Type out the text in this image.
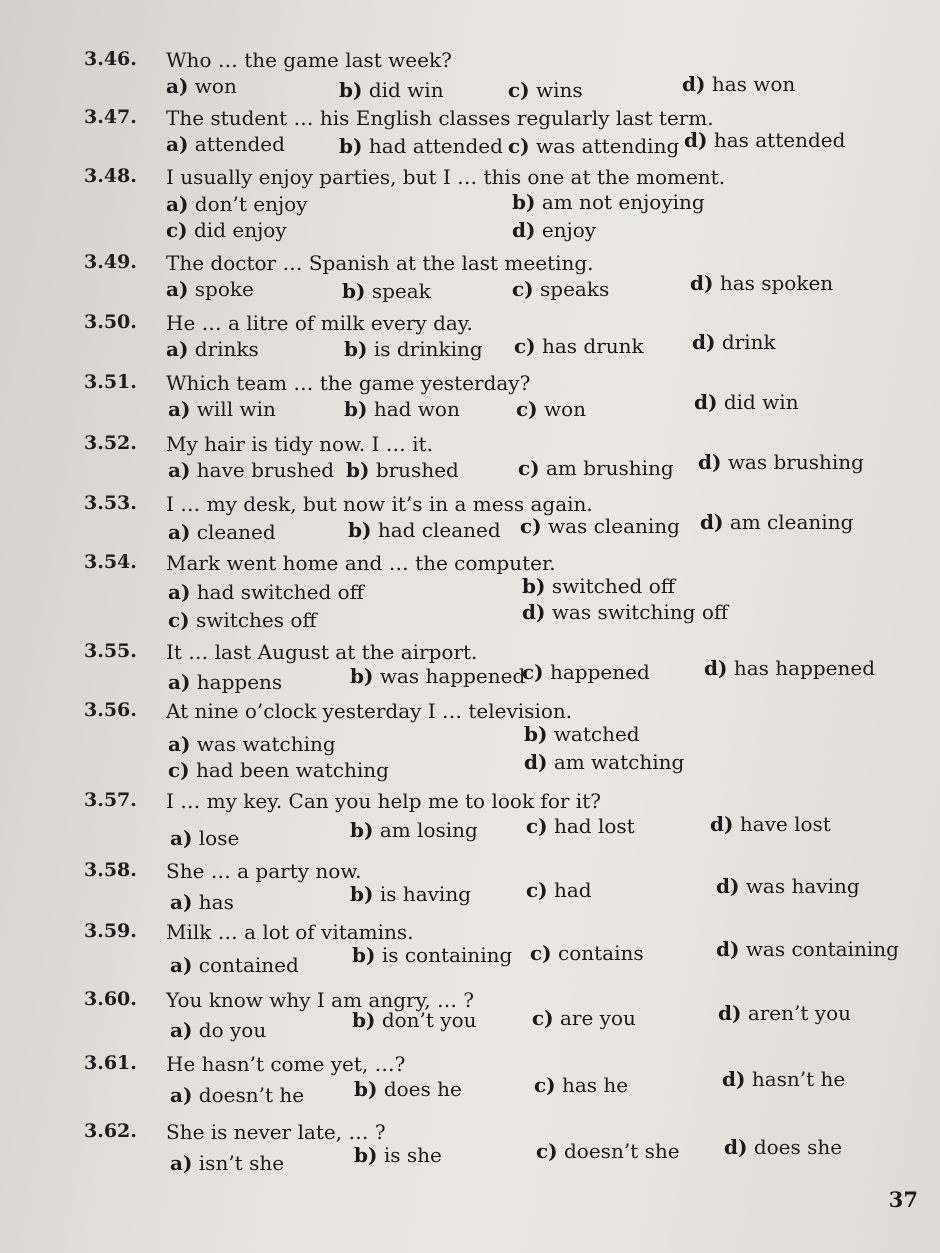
37
3.46. Who … the game last week?
a) won	b) did win	c) wins	d) has won
3.47. The student … his English classes regularly last term.
a) attended	b) had attended c) was attending d) has attended
3.48. I usually enjoy parties, but I … this one at the moment.
a) don’t enjoy	b) am not enjoying
c) did enjoy	d) enjoy
3.49. The doctor … Spanish at the last meeting.
a) spoke	b) speak	c) speaks	d) has spoken
3.50. He … a litre of milk every day.
a) drinks	b) is drinking c) has drunk d) drink
3.51. Which team … the game yesterday?
a) will win	b) had won	c) won	d) did win
3.52. My hair is tidy now. I … it.
a) have brushed b) brushed	c) am brushing d) was brushing
3.53. I … my desk, but now it’s in a mess again.
a) cleaned	b) had cleaned c) was cleaning d) am cleaning
3.54. Mark went home and … the computer.
a) had switched off	b) switched off
c) switches off	d) was switching off
3.55. It … last August at the airport.
a) happens	b) was happened
c) happened	d) has happened
3.56. At nine o’clock yesterday I … television.
a) was watching	b) watched
c) had been watching	d) am watching
3.57. I … my key. Can you help me to look for it?
a) lose	b) am losing c) had lost	d) have lost
3.58. She … a party now.
a) has	b) is having	c) had	d) was having
3.59. Milk … a lot of vitamins.
a) contained	b) is containing c) contains	d) was containing
3.60. You know why I am angry, … ?
a) do you	b) don’t you	c) are you	d) aren’t you
3.61. He hasn’t come yet, …?
a) doesn’t he b) does he	c) has he	d) hasn’t he
3.62. She is never late, … ?
a) isn’t she	b) is she	c) doesn’t she d) does she
